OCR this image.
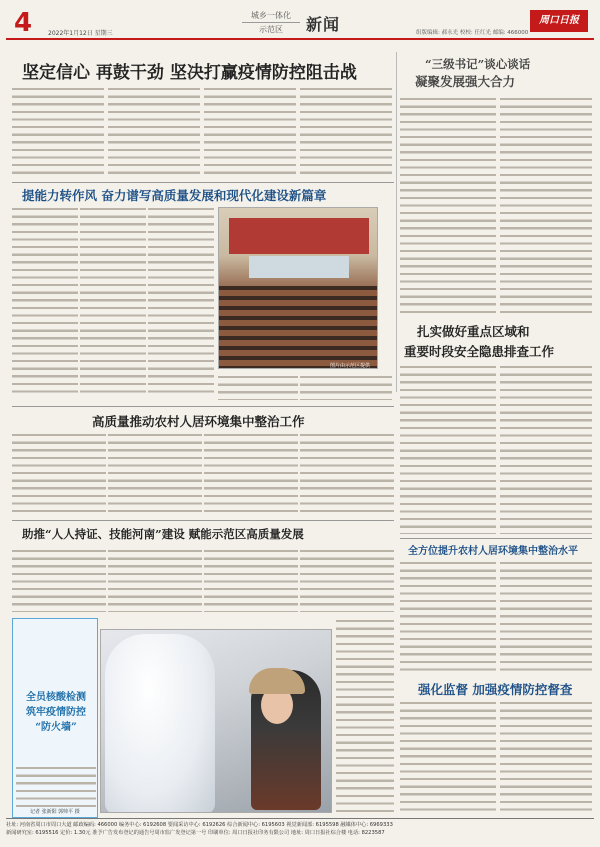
4	2022年1月12日 星期三
城乡一体化
示范区	新闻	组版编辑: 郝永光 校校: 任红光 邮编: 466000
周口日报
坚定信心 再鼓干劲 坚决打赢疫情防控阻击战	“三级书记”谈心谈话
凝聚发展强大合力
提能力转作风 奋力谱写高质量发展和现代化建设新篇章
图片由示范区提供
扎实做好重点区域和
重要时段安全隐患排查工作
高质量推动农村人居环境集中整治工作
助推“人人持证、技能河南”建设 赋能示范区高质量发展
全方位提升农村人居环境集中整治水平
强化监督 加强疫情防控督查
全员核酸检测
筑牢疫情防控
“防火墙”
记者 张新阳 郭帅平 摄
社址: 河南省周口市周口大道 邮政编码: 466000 编务中心: 6192608 要闻采访中心: 6192626 综合新闻中心: 6195603 视觉新闻部: 6195598 融媒体中心: 6969333
新闻研究室: 6195516 定价: 1.30元 准予广告发布登记的通告号周市监广发登记第一号 印刷单位: 周口日报社印务有限公司 地址: 周口日报社综合楼 电话: 8223587
